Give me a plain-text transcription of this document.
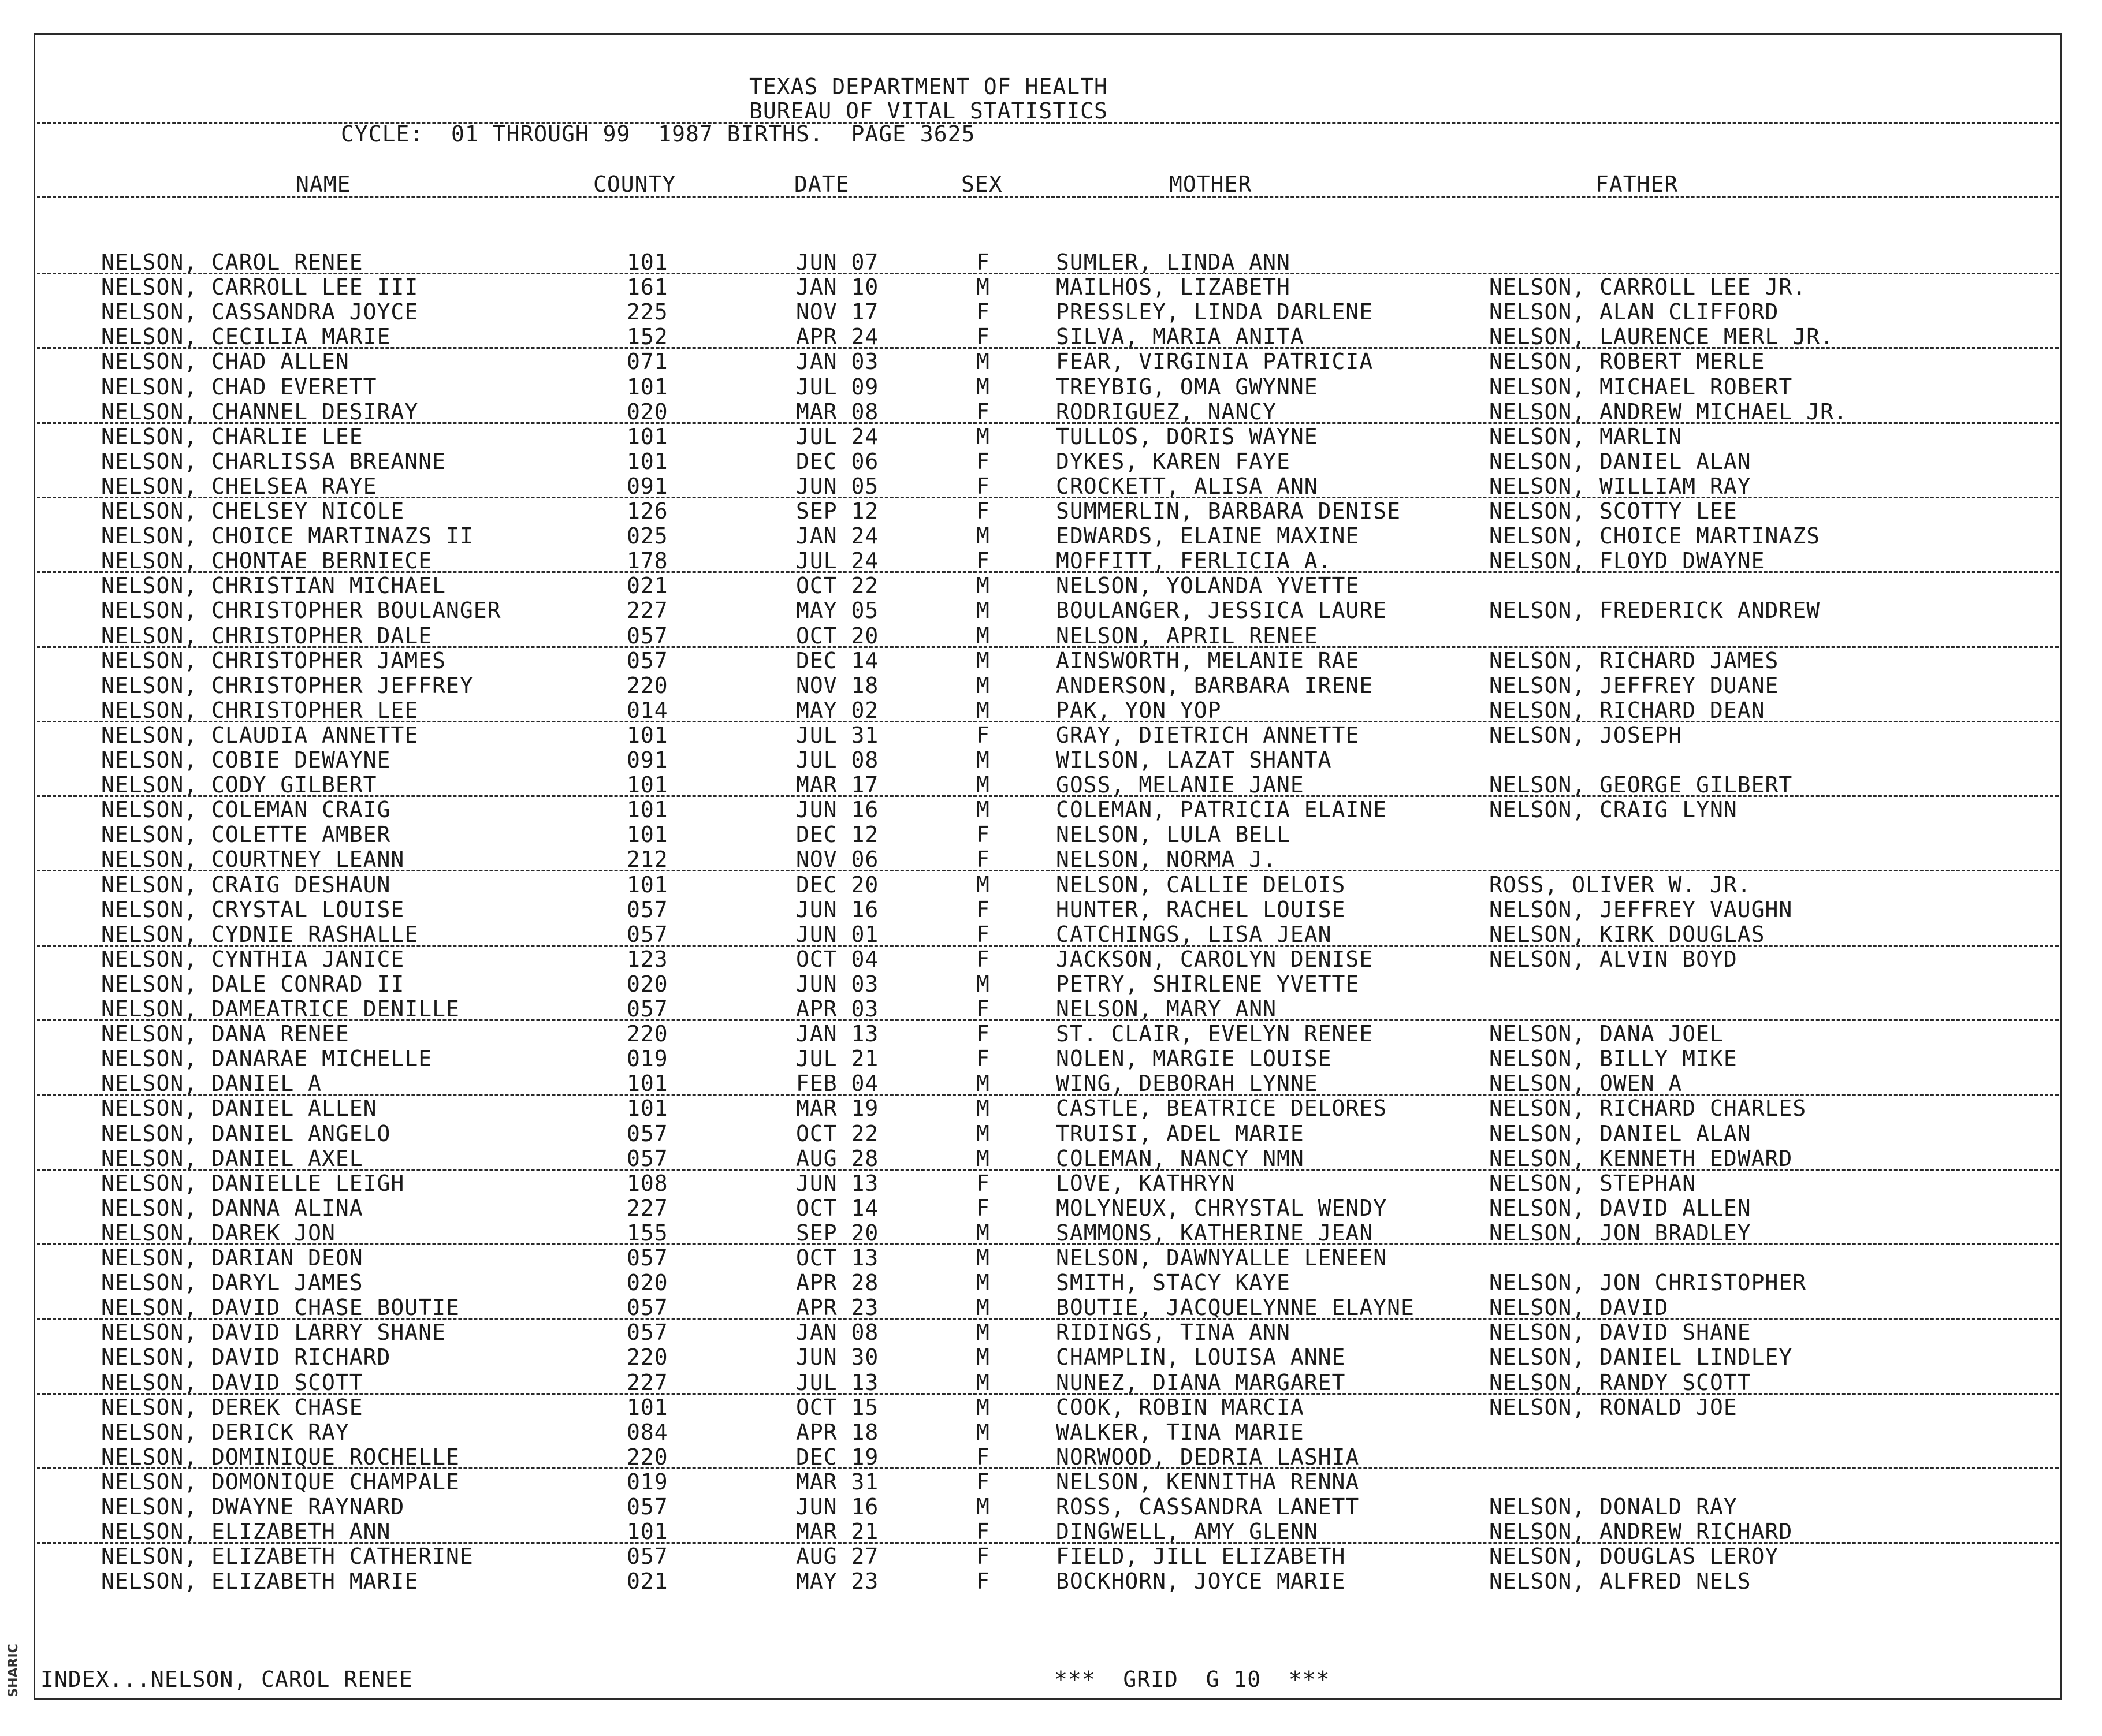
TEXAS DEPARTMENT OF HEALTH
BUREAU OF VITAL STATISTICS
CYCLE:  01 THROUGH 99  1987 BIRTHS.  PAGE 3625
NAME	COUNTY	DATE	SEX	MOTHER	FATHER
NELSON, CAROL RENEE	101	JUN 07	F	SUMLER, LINDA ANN
NELSON, CARROLL LEE III	161	JAN 10	M	MAILHOS, LIZABETH	NELSON, CARROLL LEE JR.
NELSON, CASSANDRA JOYCE	225	NOV 17	F	PRESSLEY, LINDA DARLENE	NELSON, ALAN CLIFFORD
NELSON, CECILIA MARIE	152	APR 24	F	SILVA, MARIA ANITA	NELSON, LAURENCE MERL JR.
NELSON, CHAD ALLEN	071	JAN 03	M	FEAR, VIRGINIA PATRICIA	NELSON, ROBERT MERLE
NELSON, CHAD EVERETT	101	JUL 09	M	TREYBIG, OMA GWYNNE	NELSON, MICHAEL ROBERT
NELSON, CHANNEL DESIRAY	020	MAR 08	F	RODRIGUEZ, NANCY	NELSON, ANDREW MICHAEL JR.
NELSON, CHARLIE LEE	101	JUL 24	M	TULLOS, DORIS WAYNE	NELSON, MARLIN
NELSON, CHARLISSA BREANNE	101	DEC 06	F	DYKES, KAREN FAYE	NELSON, DANIEL ALAN
NELSON, CHELSEA RAYE	091	JUN 05	F	CROCKETT, ALISA ANN	NELSON, WILLIAM RAY
NELSON, CHELSEY NICOLE	126	SEP 12	F	SUMMERLIN, BARBARA DENISE	NELSON, SCOTTY LEE
NELSON, CHOICE MARTINAZS II	025	JAN 24	M	EDWARDS, ELAINE MAXINE	NELSON, CHOICE MARTINAZS
NELSON, CHONTAE BERNIECE	178	JUL 24	F	MOFFITT, FERLICIA A.	NELSON, FLOYD DWAYNE
NELSON, CHRISTIAN MICHAEL	021	OCT 22	M	NELSON, YOLANDA YVETTE
NELSON, CHRISTOPHER BOULANGER	227	MAY 05	M	BOULANGER, JESSICA LAURE	NELSON, FREDERICK ANDREW
NELSON, CHRISTOPHER DALE	057	OCT 20	M	NELSON, APRIL RENEE
NELSON, CHRISTOPHER JAMES	057	DEC 14	M	AINSWORTH, MELANIE RAE	NELSON, RICHARD JAMES
NELSON, CHRISTOPHER JEFFREY	220	NOV 18	M	ANDERSON, BARBARA IRENE	NELSON, JEFFREY DUANE
NELSON, CHRISTOPHER LEE	014	MAY 02	M	PAK, YON YOP	NELSON, RICHARD DEAN
NELSON, CLAUDIA ANNETTE	101	JUL 31	F	GRAY, DIETRICH ANNETTE	NELSON, JOSEPH
NELSON, COBIE DEWAYNE	091	JUL 08	M	WILSON, LAZAT SHANTA
NELSON, CODY GILBERT	101	MAR 17	M	GOSS, MELANIE JANE	NELSON, GEORGE GILBERT
NELSON, COLEMAN CRAIG	101	JUN 16	M	COLEMAN, PATRICIA ELAINE	NELSON, CRAIG LYNN
NELSON, COLETTE AMBER	101	DEC 12	F	NELSON, LULA BELL
NELSON, COURTNEY LEANN	212	NOV 06	F	NELSON, NORMA J.
NELSON, CRAIG DESHAUN	101	DEC 20	M	NELSON, CALLIE DELOIS	ROSS, OLIVER W. JR.
NELSON, CRYSTAL LOUISE	057	JUN 16	F	HUNTER, RACHEL LOUISE	NELSON, JEFFREY VAUGHN
NELSON, CYDNIE RASHALLE	057	JUN 01	F	CATCHINGS, LISA JEAN	NELSON, KIRK DOUGLAS
NELSON, CYNTHIA JANICE	123	OCT 04	F	JACKSON, CAROLYN DENISE	NELSON, ALVIN BOYD
NELSON, DALE CONRAD II	020	JUN 03	M	PETRY, SHIRLENE YVETTE
NELSON, DAMEATRICE DENILLE	057	APR 03	F	NELSON, MARY ANN
NELSON, DANA RENEE	220	JAN 13	F	ST. CLAIR, EVELYN RENEE	NELSON, DANA JOEL
NELSON, DANARAE MICHELLE	019	JUL 21	F	NOLEN, MARGIE LOUISE	NELSON, BILLY MIKE
NELSON, DANIEL A	101	FEB 04	M	WING, DEBORAH LYNNE	NELSON, OWEN A
NELSON, DANIEL ALLEN	101	MAR 19	M	CASTLE, BEATRICE DELORES	NELSON, RICHARD CHARLES
NELSON, DANIEL ANGELO	057	OCT 22	M	TRUISI, ADEL MARIE	NELSON, DANIEL ALAN
NELSON, DANIEL AXEL	057	AUG 28	M	COLEMAN, NANCY NMN	NELSON, KENNETH EDWARD
NELSON, DANIELLE LEIGH	108	JUN 13	F	LOVE, KATHRYN	NELSON, STEPHAN
NELSON, DANNA ALINA	227	OCT 14	F	MOLYNEUX, CHRYSTAL WENDY	NELSON, DAVID ALLEN
NELSON, DAREK JON	155	SEP 20	M	SAMMONS, KATHERINE JEAN	NELSON, JON BRADLEY
NELSON, DARIAN DEON	057	OCT 13	M	NELSON, DAWNYALLE LENEEN
NELSON, DARYL JAMES	020	APR 28	M	SMITH, STACY KAYE	NELSON, JON CHRISTOPHER
NELSON, DAVID CHASE BOUTIE	057	APR 23	M	BOUTIE, JACQUELYNNE ELAYNE	NELSON, DAVID
NELSON, DAVID LARRY SHANE	057	JAN 08	M	RIDINGS, TINA ANN	NELSON, DAVID SHANE
NELSON, DAVID RICHARD	220	JUN 30	M	CHAMPLIN, LOUISA ANNE	NELSON, DANIEL LINDLEY
NELSON, DAVID SCOTT	227	JUL 13	M	NUNEZ, DIANA MARGARET	NELSON, RANDY SCOTT
NELSON, DEREK CHASE	101	OCT 15	M	COOK, ROBIN MARCIA	NELSON, RONALD JOE
NELSON, DERICK RAY	084	APR 18	M	WALKER, TINA MARIE
NELSON, DOMINIQUE ROCHELLE	220	DEC 19	F	NORWOOD, DEDRIA LASHIA
NELSON, DOMONIQUE CHAMPALE	019	MAR 31	F	NELSON, KENNITHA RENNA
NELSON, DWAYNE RAYNARD	057	JUN 16	M	ROSS, CASSANDRA LANETT	NELSON, DONALD RAY
NELSON, ELIZABETH ANN	101	MAR 21	F	DINGWELL, AMY GLENN	NELSON, ANDREW RICHARD
NELSON, ELIZABETH CATHERINE	057	AUG 27	F	FIELD, JILL ELIZABETH	NELSON, DOUGLAS LEROY
NELSON, ELIZABETH MARIE	021	MAY 23	F	BOCKHORN, JOYCE MARIE	NELSON, ALFRED NELS
INDEX...NELSON, CAROL RENEE	***  GRID  G 10  ***
SHARIC
